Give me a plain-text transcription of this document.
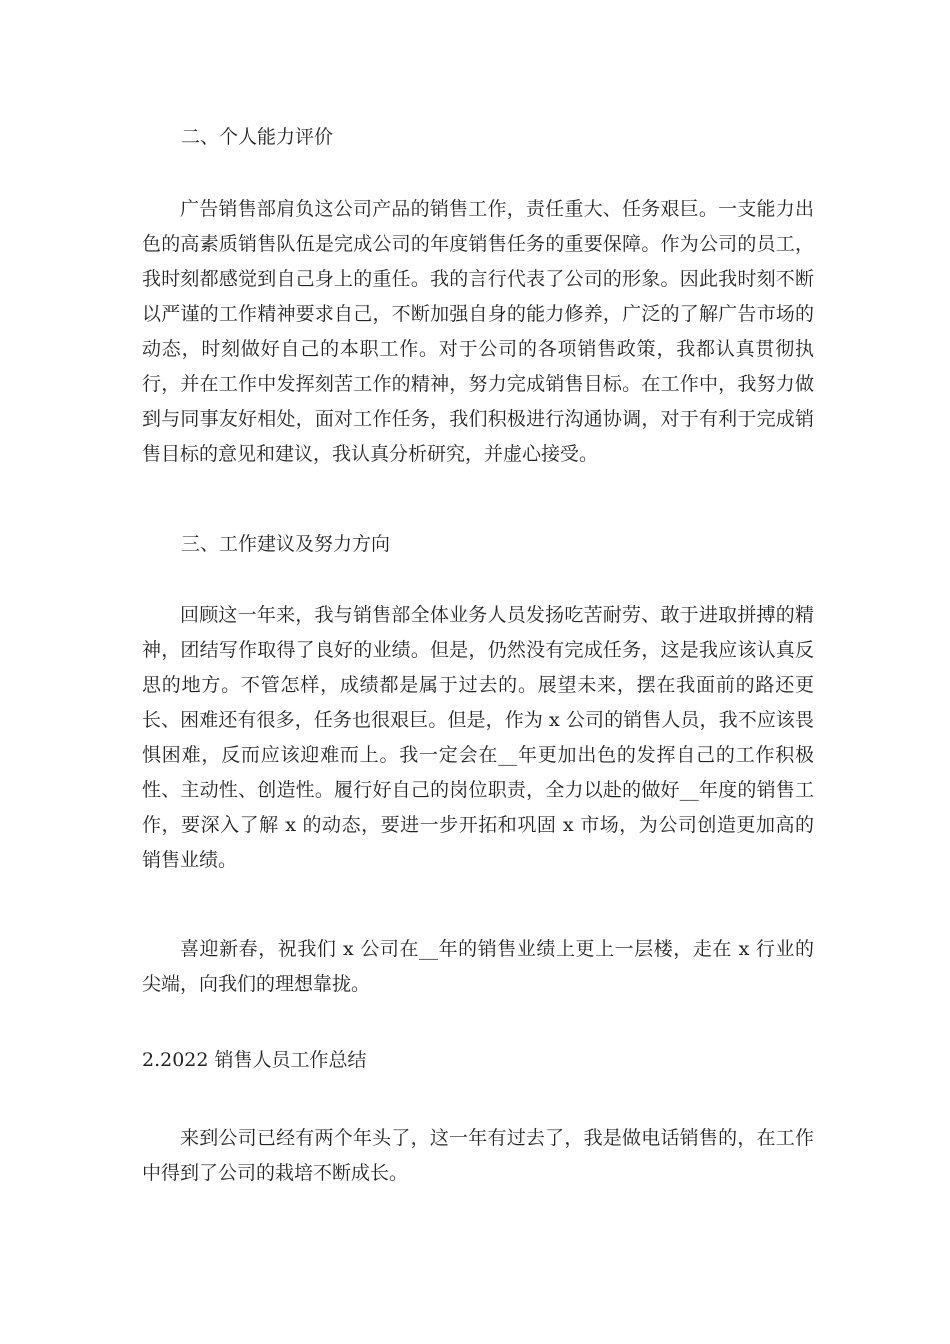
二、个人能力评价

广告销售部肩负这公司产品的销售工作，责任重大、任务艰巨。一支能力出色的高素质销售队伍是完成公司的年度销售任务的重要保障。作为公司的员工，我时刻都感觉到自己身上的重任。我的言行代表了公司的形象。因此我时刻不断以严谨的工作精神要求自己，不断加强自身的能力修养，广泛的了解广告市场的动态，时刻做好自己的本职工作。对于公司的各项销售政策，我都认真贯彻执行，并在工作中发挥刻苦工作的精神，努力完成销售目标。在工作中，我努力做到与同事友好相处，面对工作任务，我们积极进行沟通协调，对于有利于完成销售目标的意见和建议，我认真分析研究，并虚心接受。

三、工作建议及努力方向

回顾这一年来，我与销售部全体业务人员发扬吃苦耐劳、敢于进取拼搏的精神，团结写作取得了良好的业绩。但是，仍然没有完成任务，这是我应该认真反思的地方。不管怎样，成绩都是属于过去的。展望未来，摆在我面前的路还更长、困难还有很多，任务也很艰巨。但是，作为 x 公司的销售人员，我不应该畏惧困难，反而应该迎难而上。我一定会在__年更加出色的发挥自己的工作积极性、主动性、创造性。履行好自己的岗位职责，全力以赴的做好__年度的销售工作，要深入了解 x 的动态，要进一步开拓和巩固 x 市场，为公司创造更加高的销售业绩。

喜迎新春，祝我们 x 公司在__年的销售业绩上更上一层楼，走在 x 行业的尖端，向我们的理想靠拢。

2.2022 销售人员工作总结

来到公司已经有两个年头了，这一年有过去了，我是做电话销售的，在工作中得到了公司的栽培不断成长。
